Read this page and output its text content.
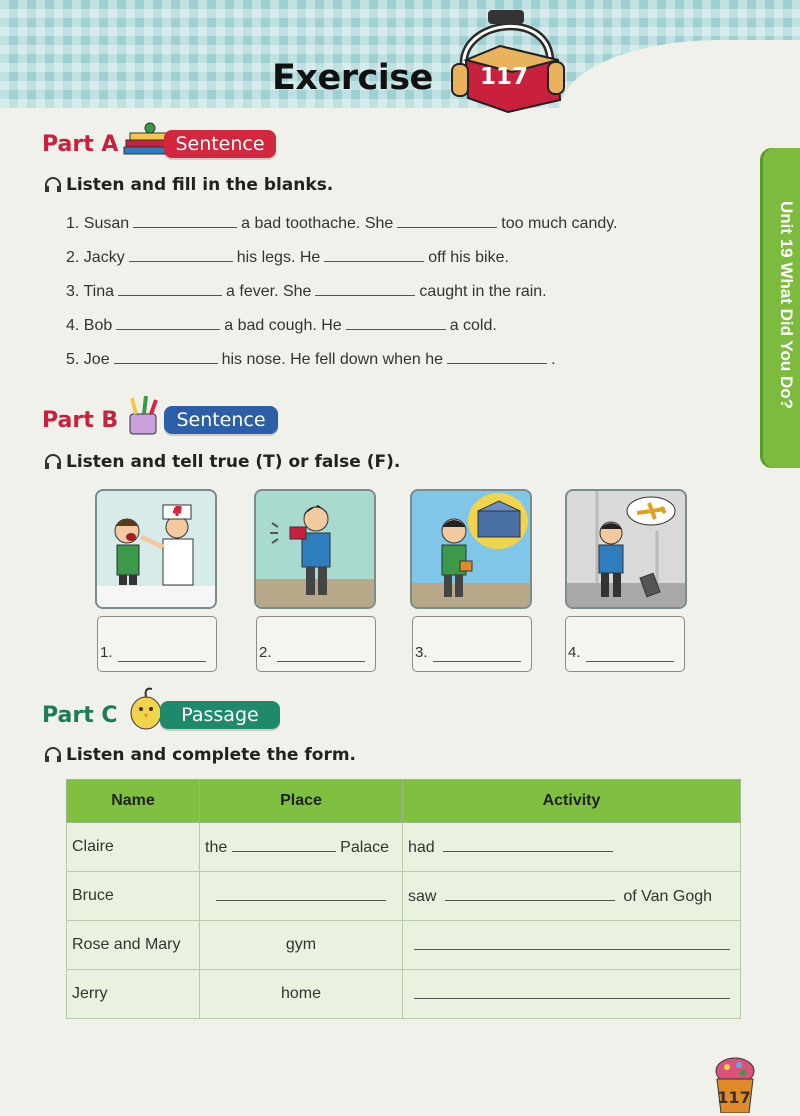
Exercise 117
Unit 19 What Did You Do?
Part A	Sentence
Listen and fill in the blanks.
1. Susan	a bad toothache. She	too much candy.
2. Jacky	his legs. He	off his bike.
3. Tina	a fever. She	caught in the rain.
4. Bob	a bad cough. He	a cold.
5. Joe	his nose. He fell down when he	.
Part B	Sentence
Listen and tell true (T) or false (F).
1.	2.	3.	4.
Part C	Passage
Listen and complete the form.
Name	Place	Activity
Claire	the Palace	had
Bruce		saw of Van Gogh
Rose and Mary	gym	
Jerry	home	
117
